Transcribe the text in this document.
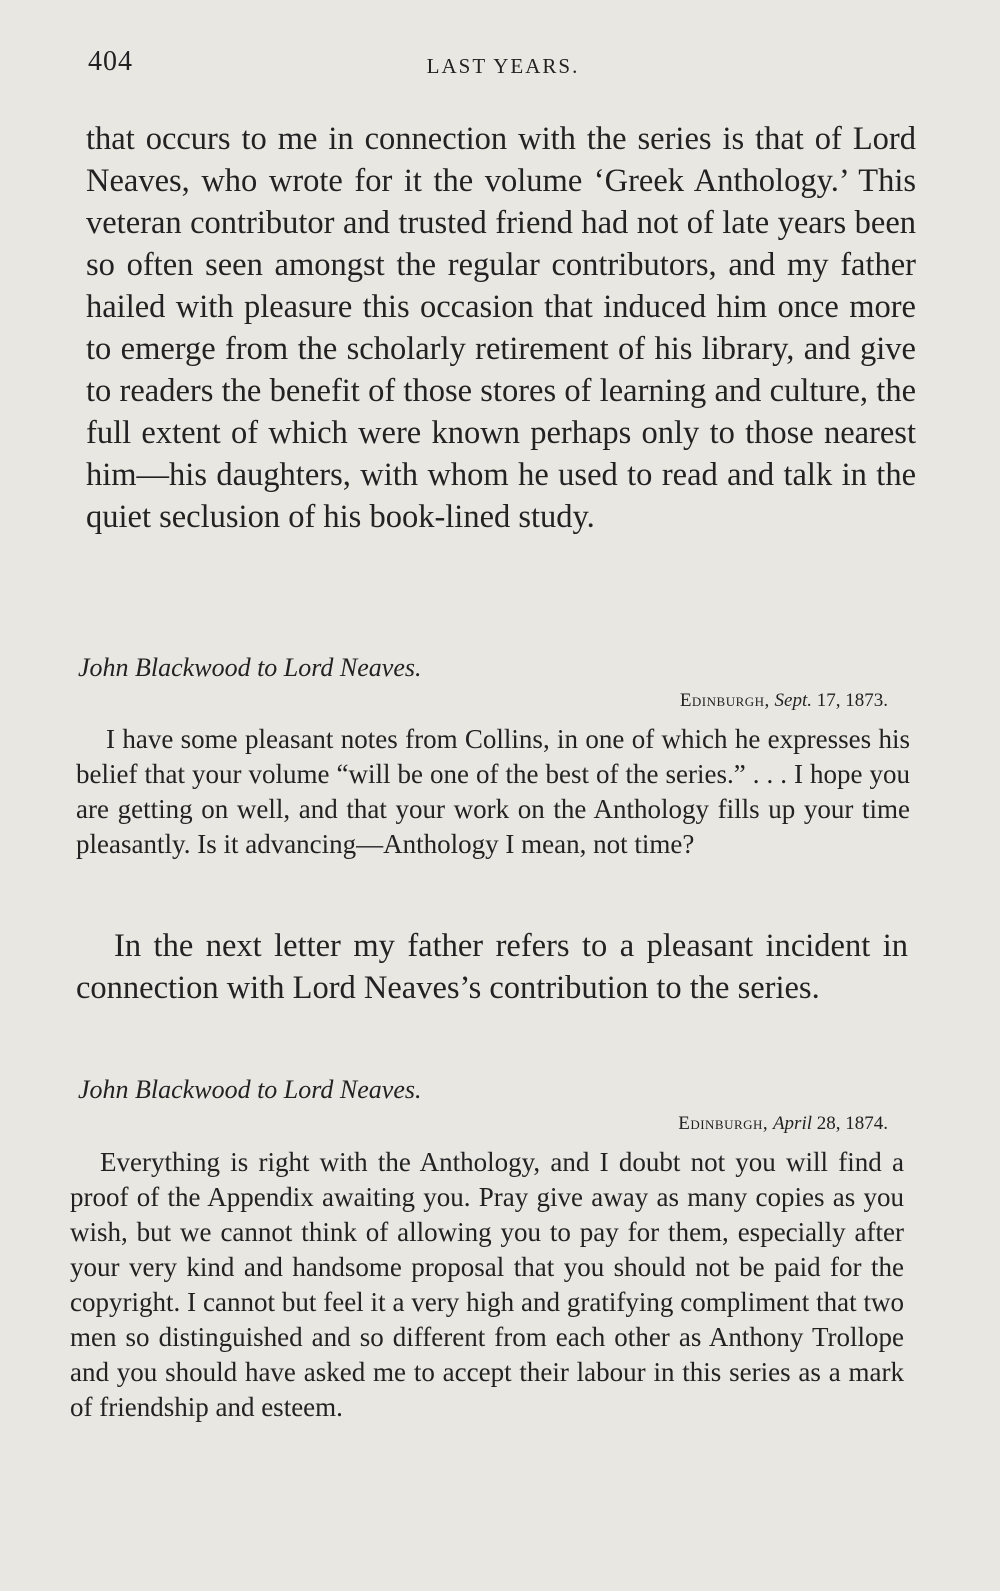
404	LAST YEARS.

that occurs to me in connection with the series is that of Lord Neaves, who wrote for it the volume ‘Greek Anthology.’ This veteran contributor and trusted friend had not of late years been so often seen amongst the regular contributors, and my father hailed with pleasure this occasion that induced him once more to emerge from the scholarly retirement of his library, and give to readers the benefit of those stores of learning and culture, the full extent of which were known perhaps only to those nearest him—his daughters, with whom he used to read and talk in the quiet seclusion of his book-lined study.

John Blackwood to Lord Neaves.

Edinburgh, Sept. 17, 1873.

I have some pleasant notes from Collins, in one of which he expresses his belief that your volume “will be one of the best of the series.” . . . I hope you are getting on well, and that your work on the Anthology fills up your time pleasantly. Is it advancing—Anthology I mean, not time?

In the next letter my father refers to a pleasant incident in connection with Lord Neaves’s contribution to the series.

John Blackwood to Lord Neaves.

Edinburgh, April 28, 1874.

Everything is right with the Anthology, and I doubt not you will find a proof of the Appendix awaiting you. Pray give away as many copies as you wish, but we cannot think of allowing you to pay for them, especially after your very kind and handsome proposal that you should not be paid for the copyright. I cannot but feel it a very high and gratifying compliment that two men so distinguished and so different from each other as Anthony Trollope and you should have asked me to accept their labour in this series as a mark of friendship and esteem.
